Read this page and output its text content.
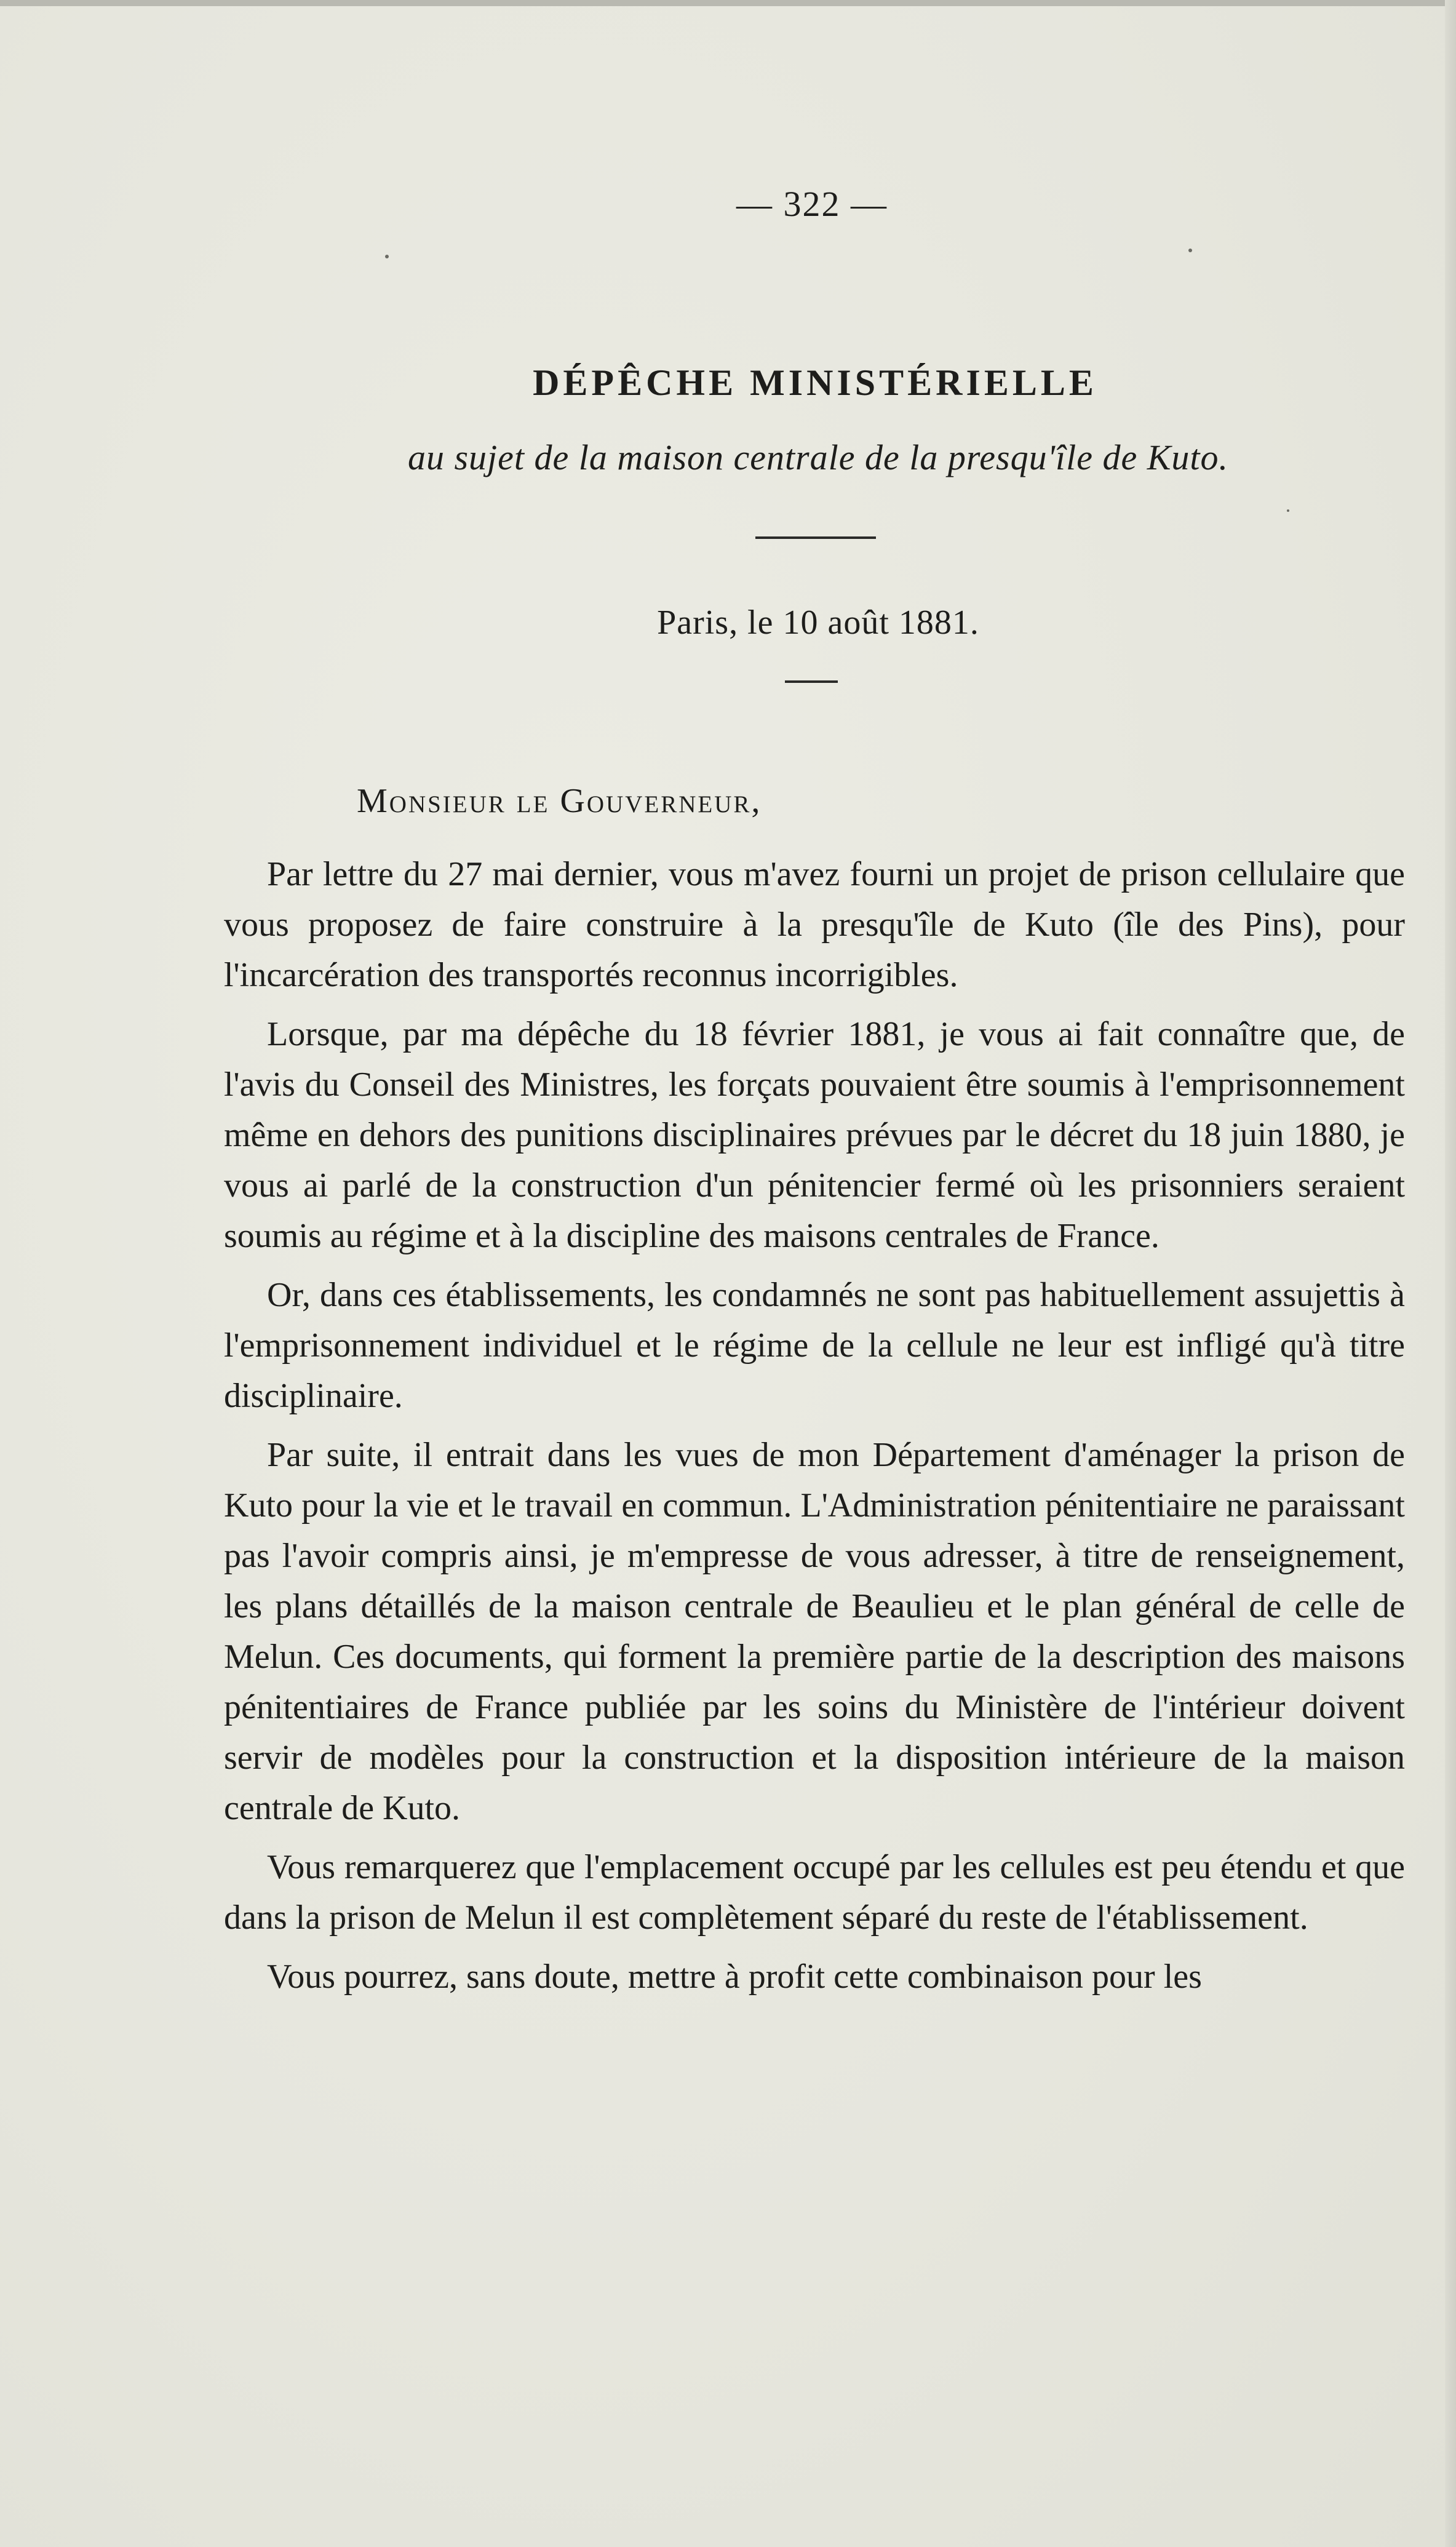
— 322 —
DÉPÊCHE MINISTÉRIELLE
au sujet de la maison centrale de la presqu'île de Kuto.
Paris, le 10 août 1881.
Monsieur le Gouverneur,

Par lettre du 27 mai dernier, vous m'avez fourni un projet de prison cellulaire que vous proposez de faire construire à la presqu'île de Kuto (île des Pins), pour l'incarcération des transportés reconnus incorrigibles.

Lorsque, par ma dépêche du 18 février 1881, je vous ai fait connaître que, de l'avis du Conseil des Ministres, les forçats pouvaient être soumis à l'emprisonnement même en dehors des punitions disciplinaires prévues par le décret du 18 juin 1880, je vous ai parlé de la construction d'un pénitencier fermé où les prisonniers seraient soumis au régime et à la discipline des maisons centrales de France.

Or, dans ces établissements, les condamnés ne sont pas habituellement assujettis à l'emprisonnement individuel et le régime de la cellule ne leur est infligé qu'à titre disciplinaire.

Par suite, il entrait dans les vues de mon Département d'aménager la prison de Kuto pour la vie et le travail en commun. L'Administration pénitentiaire ne paraissant pas l'avoir compris ainsi, je m'empresse de vous adresser, à titre de renseignement, les plans détaillés de la maison centrale de Beaulieu et le plan général de celle de Melun. Ces documents, qui forment la première partie de la description des maisons pénitentiaires de France publiée par les soins du Ministère de l'intérieur doivent servir de modèles pour la construction et la disposition intérieure de la maison centrale de Kuto.

Vous remarquerez que l'emplacement occupé par les cellules est peu étendu et que dans la prison de Melun il est complètement séparé du reste de l'établissement.

Vous pourrez, sans doute, mettre à profit cette combinaison pour les
